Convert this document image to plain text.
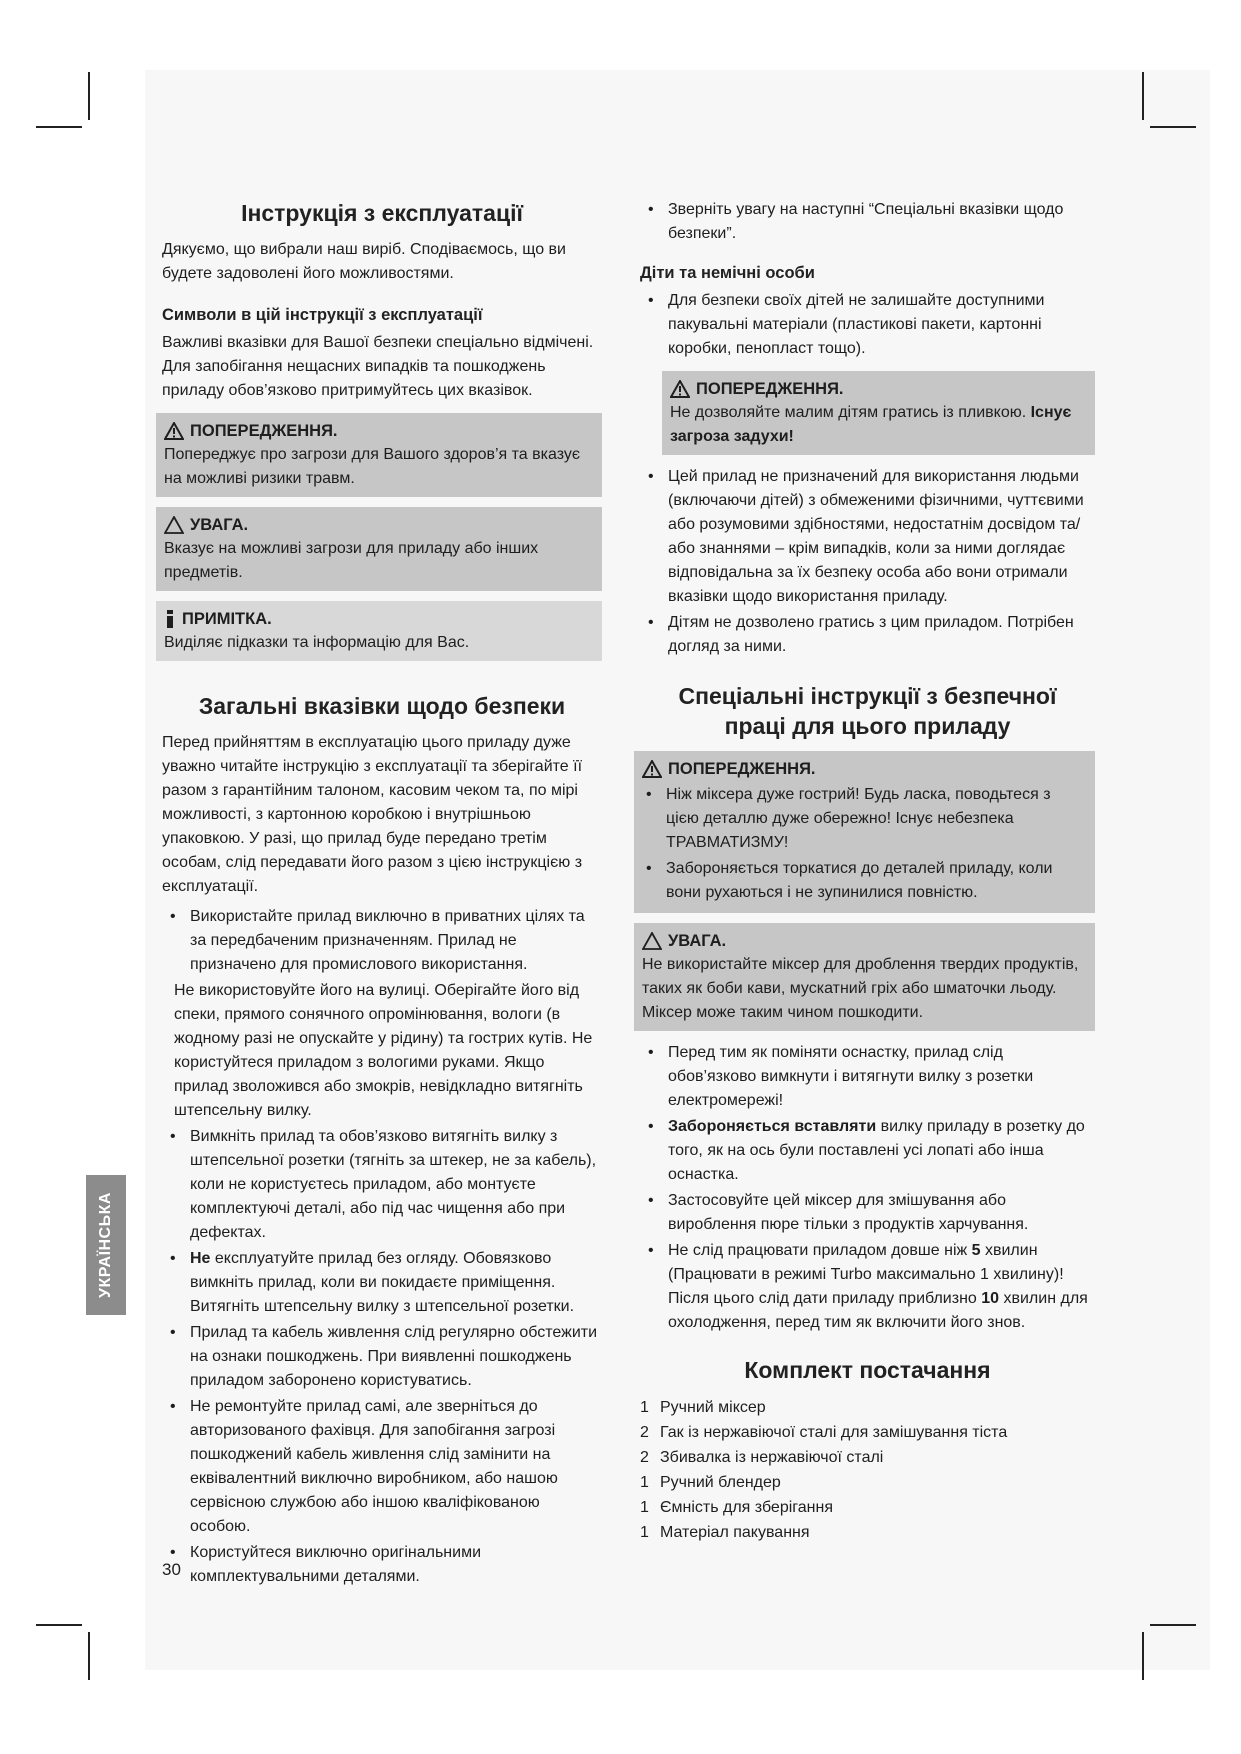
УКРАЇНСЬКА
Інструкція з експлуатації

Дякуємо, що вибрали наш виріб. Сподіваємось, що ви будете задоволені його можливостями.

Символи в цій інструкції з експлуатації

Важливі вказівки для Вашої безпеки спеціально відмічені. Для запобігання нещасних випадків та пошкоджень приладу обов’язково притримуйтесь цих вказівок.

ПОПЕРЕДЖЕННЯ.

Попереджує про загрози для Вашого здоров’я та вказує на можливі ризики травм.

УВАГА.

Вказує на можливі загрози для приладу або інших предметів.

ПРИМІТКА.

Виділяє підказки та інформацію для Вас.

Загальні вказівки щодо безпеки

Перед прийняттям в експлуатацію цього приладу дуже уважно читайте інструкцію з експлуатації та зберігайте її разом з гарантійним талоном, касовим чеком та, по мірі можливості, з картонною коробкою і внутрішньою упаковкою. У разі, що прилад буде передано третім особам, слід передавати його разом з цією інструкцією з експлуатації.

• Використайте прилад виключно в приватних цілях та за передбаченим призначенням. Прилад не призначено для промислового використання.
Не використовуйте його на вулиці. Оберігайте його від спеки, прямого сонячного опромінювання, вологи (в жодному разі не опускайте у рідину) та гострих кутів. Не користуйтеся приладом з вологими руками. Якщо прилад зволожився або змокрів, невідкладно витягніть штепсельну вилку.
• Вимкніть прилад та обов’язково витягніть вилку з штепсельної розетки (тягніть за штекер, не за кабель), коли не користуєтесь приладом, або монтуєте комплектуючі деталі, або під час чищення або при дефектах.
• Не експлуатуйте прилад без огляду. Обовязково вимкніть прилад, коли ви покидаєте приміщення. Витягніть штепсельну вилку з штепсельної розетки.
• Прилад та кабель живлення слід регулярно обстежити на ознаки пошкоджень. При виявленні пошкоджень приладом заборонено користуватись.
• Не ремонтуйте прилад самі, але зверніться до авторизованого фахівця. Для запобігання загрозі пошкоджений кабель живлення слід замінити на еквівалентний виключно виробником, або нашою сервісною службою або іншою кваліфікованою особою.
• Користуйтеся виключно оригінальними комплектувальними деталями.
• Зверніть увагу на наступні “Спеціальні вказівки щодо безпеки”.
Діти та немічні особи
• Для безпеки своїх дітей не залишайте доступними пакувальні матеріали (пластикові пакети, картонні коробки, пенопласт тощо).
ПОПЕРЕДЖЕННЯ.

Не дозволяйте малим дітям гратись із пливкою. Існує загроза задухи!

• Цей прилад не призначений для використання людьми (включаючи дітей) з обмеженими фізичними, чуттєвими або розумовими здібностями, недостатнім досвідом та/або знаннями – крім випадків, коли за ними доглядає відповідальна за їх безпеку особа або вони отримали вказівки щодо використання приладу.
• Дітям не дозволено гратись з цим приладом. Потрібен догляд за ними.
Спеціальні інструкції з безпечної праці для цього приладу
ПОПЕРЕДЖЕННЯ.
• Ніж міксера дуже гострий! Будь ласка, поводьтеся з цією деталлю дуже обережно! Існує небезпека ТРАВМАТИЗМУ!
• Забороняється торкатися до деталей приладу, коли вони рухаються і не зупинилися повністю.
УВАГА.

Не використайте міксер для дроблення твердих продуктів, таких як боби кави, мускатний гріх або шматочки льоду. Міксер може таким чином пошкодити.

• Перед тим як поміняти оснастку, прилад слід обов’язково вимкнути і витягнути вилку з розетки електромережі!
• Забороняється вставляти вилку приладу в розетку до того, як на ось були поставлені усі лопаті або інша оснастка.
• Застосовуйте цей міксер для змішування або вироблення пюре тільки з продуктів харчування.
• Не слід працювати приладом довше ніж 5 хвилин (Працювати в режимі Turbo максимально 1 хвилину)! Після цього слід дати приладу приблизно 10 хвилин для охолодження, перед тим як включити його знов.
Комплект постачання
1 Ручний міксер
2 Гак із нержавіючої сталі для замішування тіста
2 Збивалка із нержавіючої сталі
1 Ручний блендер
1 Ємність для зберігання
1 Матеріал пакування
30
